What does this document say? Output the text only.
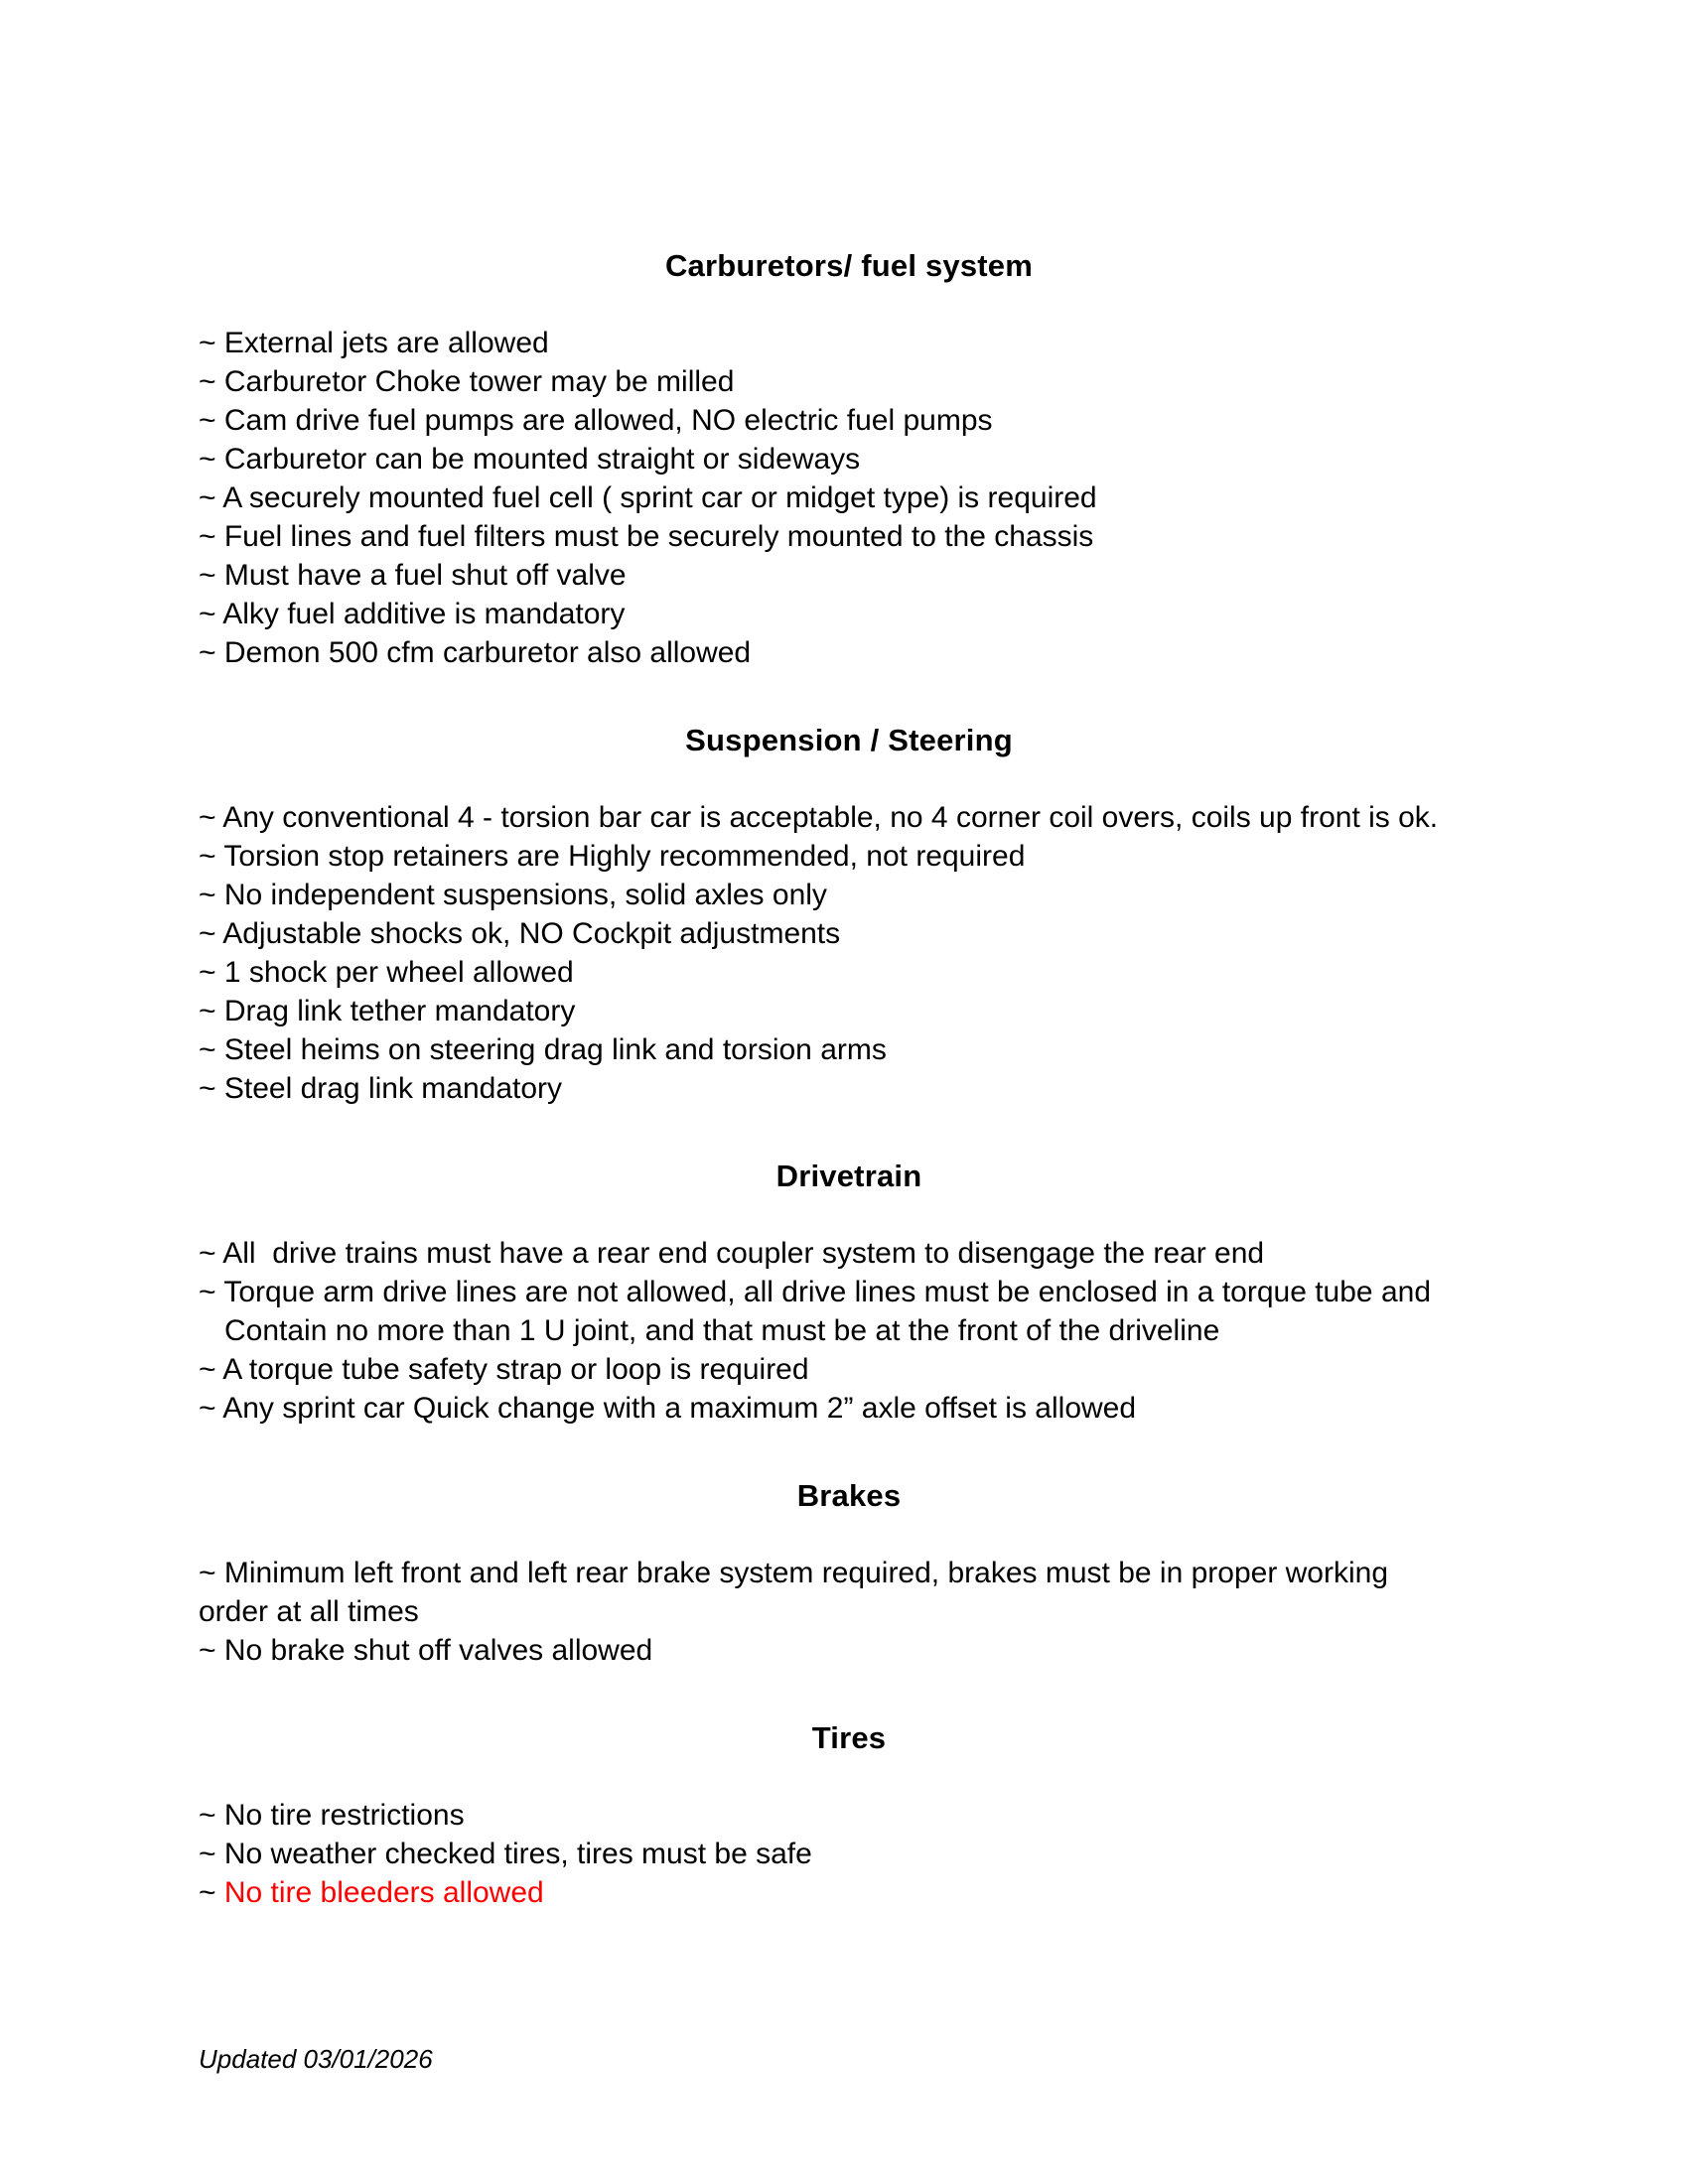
Carburetors/ fuel system
~ External jets are allowed
~ Carburetor Choke tower may be milled
~ Cam drive fuel pumps are allowed, NO electric fuel pumps
~ Carburetor can be mounted straight or sideways
~ A securely mounted fuel cell ( sprint car or midget type) is required
~ Fuel lines and fuel filters must be securely mounted to the chassis
~ Must have a fuel shut off valve
~ Alky fuel additive is mandatory
~ Demon 500 cfm carburetor also allowed
Suspension / Steering
~ Any conventional 4 - torsion bar car is acceptable, no 4 corner coil overs, coils up front is ok.
~ Torsion stop retainers are Highly recommended, not required
~ No independent suspensions, solid axles only
~ Adjustable shocks ok, NO Cockpit adjustments
~ 1 shock per wheel allowed
~ Drag link tether mandatory
~ Steel heims on steering drag link and torsion arms
~ Steel drag link mandatory
Drivetrain
~ All  drive trains must have a rear end coupler system to disengage the rear end
~ Torque arm drive lines are not allowed, all drive lines must be enclosed in a torque tube and
Contain no more than 1 U joint, and that must be at the front of the driveline
~ A torque tube safety strap or loop is required
~ Any sprint car Quick change with a maximum 2” axle offset is allowed
Brakes
~ Minimum left front and left rear brake system required, brakes must be in proper working
order at all times
~ No brake shut off valves allowed
Tires
~ No tire restrictions
~ No weather checked tires, tires must be safe
~ No tire bleeders allowed
Updated 03/01/2026
